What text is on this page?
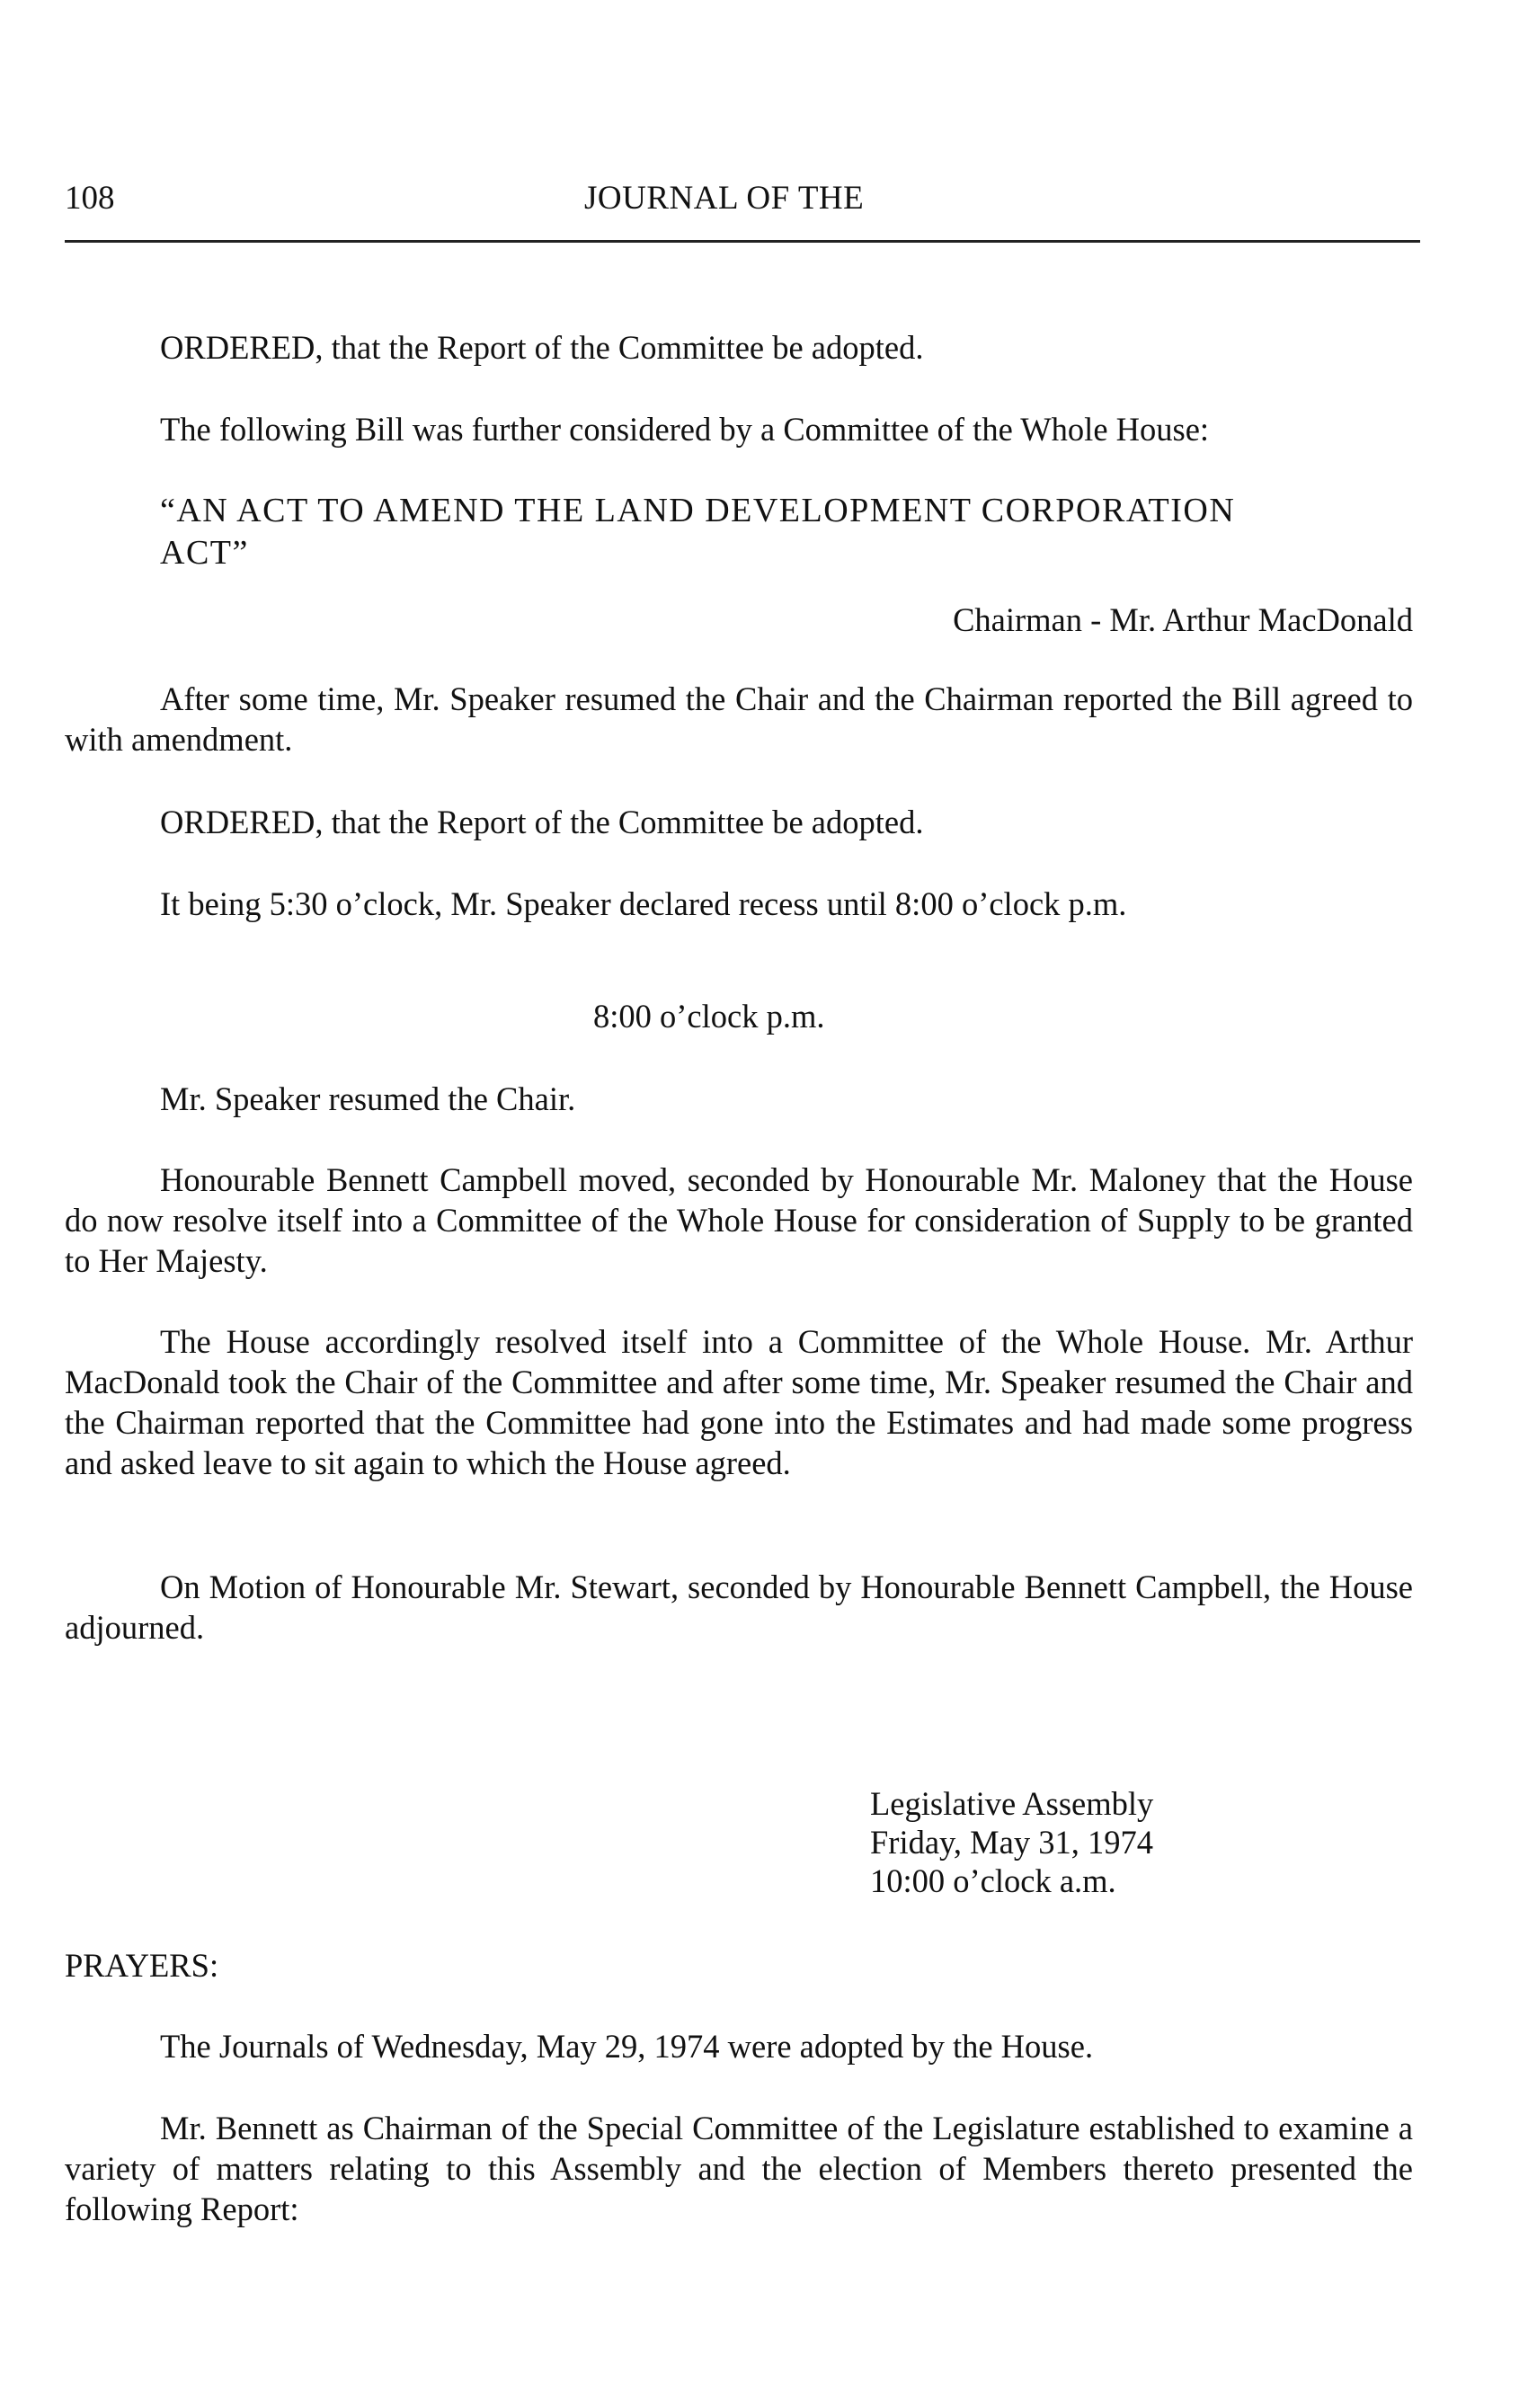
108	JOURNAL OF THE
ORDERED, that the Report of the Committee be adopted.
The following Bill was further considered by a Committee of the Whole House:
“AN ACT TO AMEND THE LAND DEVELOPMENT CORPORATION
ACT”
Chairman - Mr. Arthur MacDonald
After some time, Mr. Speaker resumed the Chair and the Chairman reported the Bill agreed to with amendment.
ORDERED, that the Report of the Committee be adopted.
It being 5:30 o’clock, Mr. Speaker declared recess until 8:00 o’clock p.m.
8:00 o’clock p.m.
Mr. Speaker resumed the Chair.
Honourable Bennett Campbell moved, seconded by Honourable Mr. Maloney that the House do now resolve itself into a Committee of the Whole House for consideration of Supply to be granted to Her Majesty.
The House accordingly resolved itself into a Committee of the Whole House. Mr. Arthur MacDonald took the Chair of the Committee and after some time, Mr. Speaker resumed the Chair and the Chairman reported that the Committee had gone into the Estimates and had made some progress and asked leave to sit again to which the House agreed.
On Motion of Honourable Mr. Stewart, seconded by Honourable Bennett Campbell, the House adjourned.
Legislative Assembly
Friday, May 31, 1974
10:00 o’clock a.m.
PRAYERS:
The Journals of Wednesday, May 29, 1974 were adopted by the House.
Mr. Bennett as Chairman of the Special Committee of the Legislature established to examine a variety of matters relating to this Assembly and the election of Members thereto presented the following Report:
